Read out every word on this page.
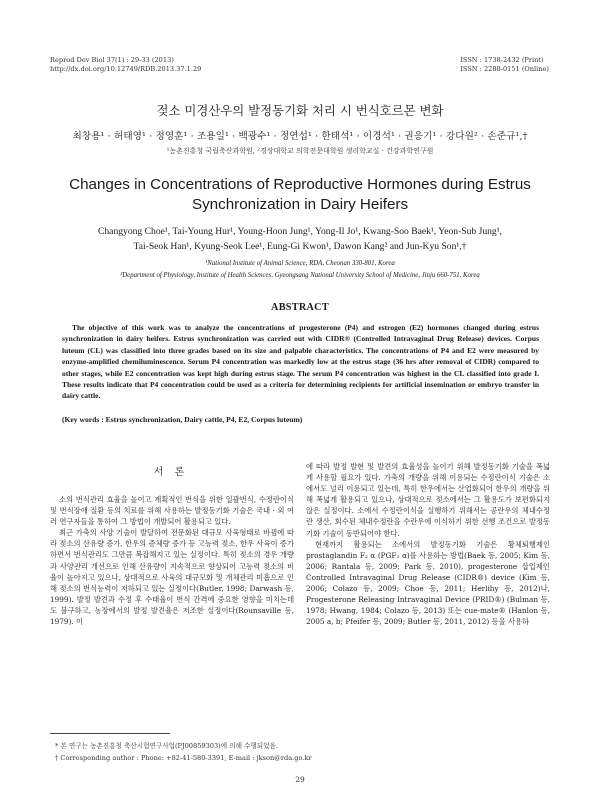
Reprod Dev Biol 37(1) : 29-33 (2013)
http://dx.doi.org/10.12749/RDB.2013.37.1.29
ISSN : 1738-2432 (Print)
ISSN : 2288-0151 (Online)
젖소 미경산우의 발정동기화 처리 시 번식호르몬 변화
최창용¹ · 허태영¹ · 정영훈¹ · 조용일¹ · 백광수¹ · 정연섭¹ · 한태석¹ · 이경석¹ · 권응기¹ · 강다원² · 손준규¹,†
¹농촌진흥청 국립축산과학원, ²경상대학교 의학전문대학원 생리학교실 · 건강과학연구원
Changes in Concentrations of Reproductive Hormones during Estrus
Synchronization in Dairy Heifers
Changyong Choe¹, Tai-Young Hur¹, Young-Hoon Jung¹, Yong-Il Jo¹, Kwang-Soo Baek¹, Yeon-Sub Jung¹,
Tai-Seok Han¹, Kyung-Seok Lee¹, Eung-Gi Kwon¹, Dawon Kang² and Jun-Kyu Son¹,†
¹National Institute of Animal Science, RDA, Cheonan 330-801, Korea
²Department of Physiology, Institute of Health Sciences, Gyeongsang National University School of Medicine, Jinju 660-751, Korea
ABSTRACT
The objective of this work was to analyze the concentrations of progesterone (P4) and estrogen (E2) hormones changed during estrus synchronization in dairy heifers. Estrus synchronization was carried out with CIDR® (Controlled Intravaginal Drug Release) devices. Corpus luteum (CL) was classified into three grades based on its size and palpable characteristics. The concentrations of P4 and E2 were measured by enzyme-amplified chemiluminescence. Serum P4 concentration was markedly low at the estrus stage (36 hrs after removal of CIDR) compared to other stages, while E2 concentration was kept high during estrus stage. The serum P4 concentration was highest in the CL classified into grade I. These results indicate that P4 concentration could be used as a criteria for determining recipients for artificial insemination or embryo transfer in dairy cattle.
(Key words : Estrus synchronization, Dairy cattle, P4, E2, Corpus luteum)
서 론

소의 번식관리 효율을 높이고 계획적인 번식을 위한 일괄번식, 수정란이식 및 번식장애 질환 등의 치료를 위해 사용하는 발정동기화 기술은 국내 · 외 여러 연구자들을 통하여 그 방법이 개발되어 활용되고 있다.

최근 가축의 사양 기술이 발달하여 전문화된 대규모 사육형태로 바뀜에 따라 젖소의 산유량 증가, 한우의 증체량 증가 등 고능력 젖소, 한우 사육이 증가하면서 번식관리도 그만큼 복잡해지고 있는 실정이다. 특히 젖소의 경우 개량과 사양관리 개선으로 인해 산유량이 지속적으로 향상되어 고능력 젖소의 비율이 높아지고 있으나, 상대적으로 사육의 대규모화 및 개체관리 미흡으로 인해 젖소의 번식능력이 저하되고 있는 실정이다(Butler, 1998; Darwash 등, 1999). 발정 발견과 수정 후 수태율이 번식 간격에 중요한 영향을 미치는데도 불구하고, 농장에서의 발정 발견율은 저조한 실정이다(Rounsaville 등, 1979). 이

에 따라 발정 발현 및 발견의 효율성을 높이기 위해 발정동기화 기술을 폭넓게 사용할 필요가 있다. 가축의 개량을 위해 이용되는 수정란이식 기술은 소에서도 널리 이용되고 있는데, 특히 한우에서는 산업화되어 한우의 개량을 위해 폭넓게 활용되고 있으나, 상대적으로 젖소에서는 그 활용도가 보편화되지 않은 실정이다. 소에서 수정란이식을 실행하기 위해서는 공란우의 체내수정란 생산, 회수된 체내수정란을 수란우에 이식하기 위한 선행 조건으로 발정동기화 기술이 동반되어야 한다.

현재까지 활용되는 소에서의 발정동기화 기술은 황체퇴행제인 prostaglandin F₂ α (PGF₂ α)를 사용하는 방법(Baek 등, 2005; Kim 등, 2006; Rantala 등, 2009; Park 등, 2010), progesterone 삽입제인 Controlled Intravaginal Drug Release (CIDR®) device (Kim 등, 2006; Colazo 등, 2009; Choe 등, 2011; Herlihy 등, 2012)나, Progesterone Releasing Intravaginal Device (PRID®) (Bulman 등, 1978; Hwang, 1984; Colazo 등, 2013) 또는 cue-mate® (Hanlon 등, 2005 a, b; Pfeifer 등, 2009; Butler 등, 2011, 2012) 등을 사용하

* 본 연구는 농촌진흥청 축산시험연구사업(PJ00859303)에 의해 수행되었음.
† Corresponding author : Phone: +82-41-580-3391, E-mail : jkson@rda.go.kr
29
